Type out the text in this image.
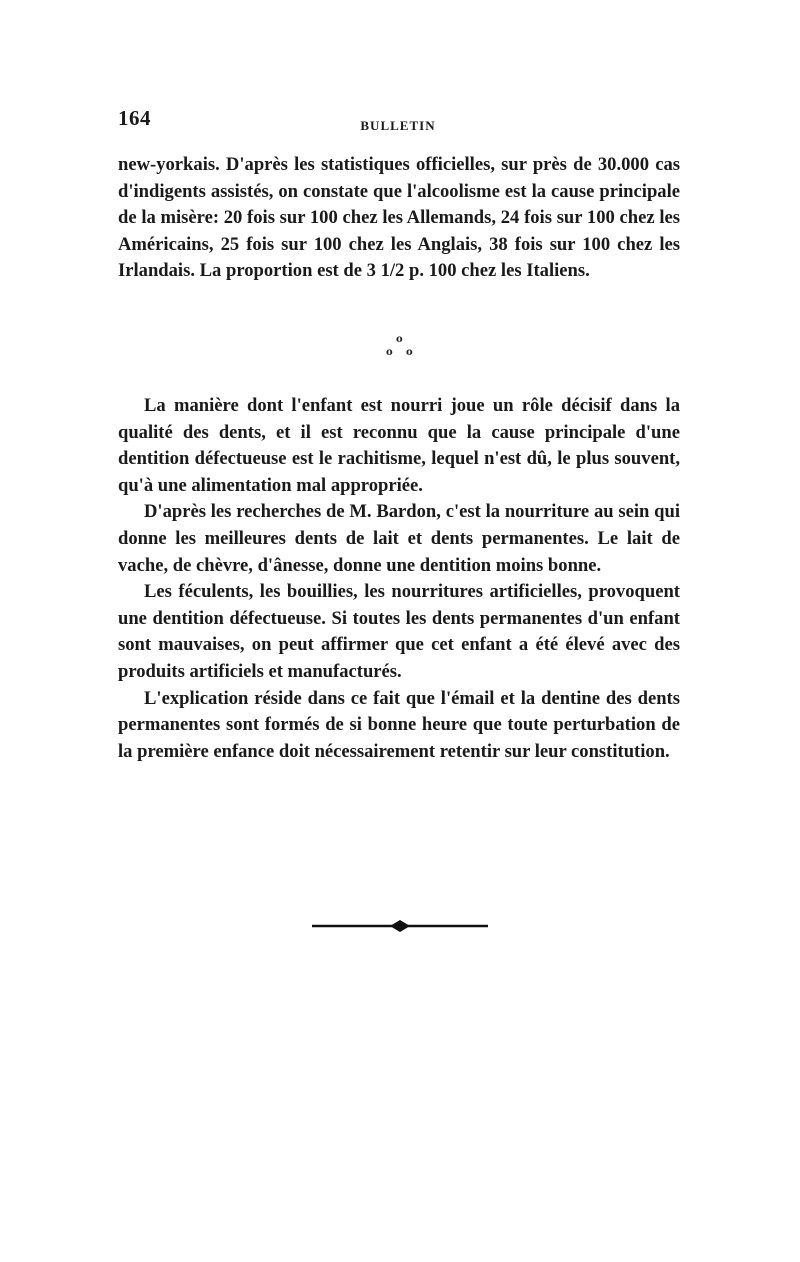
164	BULLETIN

new-yorkais. D'après les statistiques officielles, sur près de 30.000 cas d'indigents assistés, on constate que l'alcoolisme est la cause principale de la misère: 20 fois sur 100 chez les Allemands, 24 fois sur 100 chez les Américains, 25 fois sur 100 chez les Anglais, 38 fois sur 100 chez les Irlandais. La proportion est de 3 1/2 p. 100 chez les Italiens.

o
o o

La manière dont l'enfant est nourri joue un rôle décisif dans la qualité des dents, et il est reconnu que la cause principale d'une dentition défectueuse est le rachitisme, lequel n'est dû, le plus souvent, qu'à une alimentation mal appropriée.

D'après les recherches de M. Bardon, c'est la nourriture au sein qui donne les meilleures dents de lait et dents permanentes. Le lait de vache, de chèvre, d'ânesse, donne une dentition moins bonne.

Les féculents, les bouillies, les nourritures artificielles, provoquent une dentition défectueuse. Si toutes les dents permanentes d'un enfant sont mauvaises, on peut affirmer que cet enfant a été élevé avec des produits artificiels et manufacturés.

L'explication réside dans ce fait que l'émail et la dentine des dents permanentes sont formés de si bonne heure que toute perturbation de la première enfance doit nécessairement retentir sur leur constitution.
